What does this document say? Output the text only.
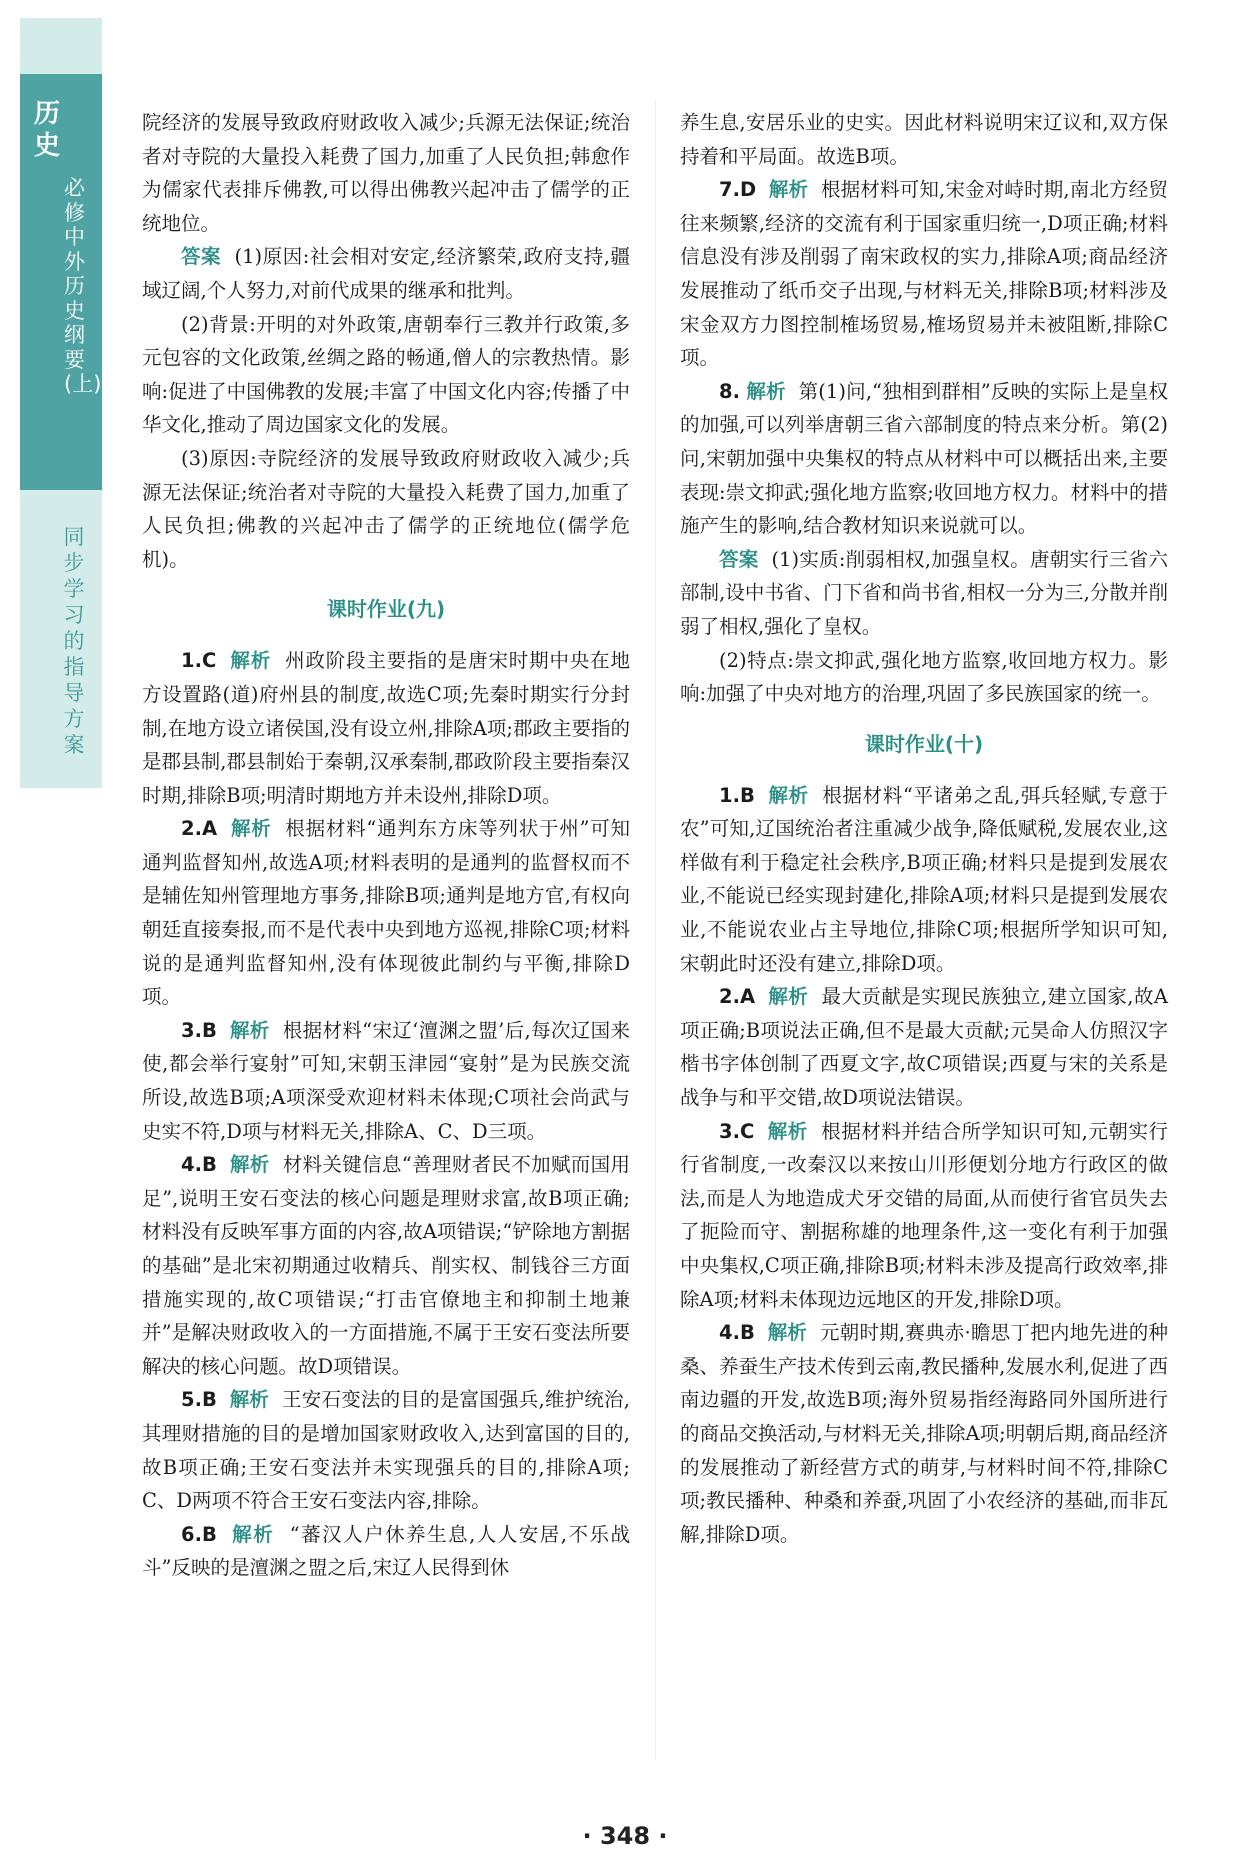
历史
必修 中外历史纲要(上)
同步学习的指导方案

院经济的发展导致政府财政收入减少;兵源无法保证;统治者对寺院的大量投入耗费了国力,加重了人民负担;韩愈作为儒家代表排斥佛教,可以得出佛教兴起冲击了儒学的正统地位。

答案 (1)原因:社会相对安定,经济繁荣,政府支持,疆域辽阔,个人努力,对前代成果的继承和批判。

(2)背景:开明的对外政策,唐朝奉行三教并行政策,多元包容的文化政策,丝绸之路的畅通,僧人的宗教热情。影响:促进了中国佛教的发展;丰富了中国文化内容;传播了中华文化,推动了周边国家文化的发展。

(3)原因:寺院经济的发展导致政府财政收入减少;兵源无法保证;统治者对寺院的大量投入耗费了国力,加重了人民负担;佛教的兴起冲击了儒学的正统地位(儒学危机)。

课时作业(九)

1.C 解析 州政阶段主要指的是唐宋时期中央在地方设置路(道)府州县的制度,故选C项;先秦时期实行分封制,在地方设立诸侯国,没有设立州,排除A项;郡政主要指的是郡县制,郡县制始于秦朝,汉承秦制,郡政阶段主要指秦汉时期,排除B项;明清时期地方并未设州,排除D项。

2.A 解析 根据材料“通判东方床等列状于州”可知通判监督知州,故选A项;材料表明的是通判的监督权而不是辅佐知州管理地方事务,排除B项;通判是地方官,有权向朝廷直接奏报,而不是代表中央到地方巡视,排除C项;材料说的是通判监督知州,没有体现彼此制约与平衡,排除D项。

3.B 解析 根据材料“宋辽‘澶渊之盟’后,每次辽国来使,都会举行宴射”可知,宋朝玉津园“宴射”是为民族交流所设,故选B项;A项深受欢迎材料未体现;C项社会尚武与史实不符,D项与材料无关,排除A、C、D三项。

4.B 解析 材料关键信息“善理财者民不加赋而国用足”,说明王安石变法的核心问题是理财求富,故B项正确;材料没有反映军事方面的内容,故A项错误;“铲除地方割据的基础”是北宋初期通过收精兵、削实权、制钱谷三方面措施实现的,故C项错误;“打击官僚地主和抑制土地兼并”是解决财政收入的一方面措施,不属于王安石变法所要解决的核心问题。故D项错误。

5.B 解析 王安石变法的目的是富国强兵,维护统治,其理财措施的目的是增加国家财政收入,达到富国的目的,故B项正确;王安石变法并未实现强兵的目的,排除A项;C、D两项不符合王安石变法内容,排除。

6.B 解析 “蕃汉人户休养生息,人人安居,不乐战斗”反映的是澶渊之盟之后,宋辽人民得到休

养生息,安居乐业的史实。因此材料说明宋辽议和,双方保持着和平局面。故选B项。

7.D 解析 根据材料可知,宋金对峙时期,南北方经贸往来频繁,经济的交流有利于国家重归统一,D项正确;材料信息没有涉及削弱了南宋政权的实力,排除A项;商品经济发展推动了纸币交子出现,与材料无关,排除B项;材料涉及宋金双方力图控制榷场贸易,榷场贸易并未被阻断,排除C项。

8. 解析 第(1)问,“独相到群相”反映的实际上是皇权的加强,可以列举唐朝三省六部制度的特点来分析。第(2)问,宋朝加强中央集权的特点从材料中可以概括出来,主要表现:崇文抑武;强化地方监察;收回地方权力。材料中的措施产生的影响,结合教材知识来说就可以。

答案 (1)实质:削弱相权,加强皇权。唐朝实行三省六部制,设中书省、门下省和尚书省,相权一分为三,分散并削弱了相权,强化了皇权。

(2)特点:崇文抑武,强化地方监察,收回地方权力。影响:加强了中央对地方的治理,巩固了多民族国家的统一。

课时作业(十)

1.B 解析 根据材料“平诸弟之乱,弭兵轻赋,专意于农”可知,辽国统治者注重减少战争,降低赋税,发展农业,这样做有利于稳定社会秩序,B项正确;材料只是提到发展农业,不能说已经实现封建化,排除A项;材料只是提到发展农业,不能说农业占主导地位,排除C项;根据所学知识可知,宋朝此时还没有建立,排除D项。

2.A 解析 最大贡献是实现民族独立,建立国家,故A项正确;B项说法正确,但不是最大贡献;元昊命人仿照汉字楷书字体创制了西夏文字,故C项错误;西夏与宋的关系是战争与和平交错,故D项说法错误。

3.C 解析 根据材料并结合所学知识可知,元朝实行行省制度,一改秦汉以来按山川形便划分地方行政区的做法,而是人为地造成犬牙交错的局面,从而使行省官员失去了扼险而守、割据称雄的地理条件,这一变化有利于加强中央集权,C项正确,排除B项;材料未涉及提高行政效率,排除A项;材料未体现边远地区的开发,排除D项。

4.B 解析 元朝时期,赛典赤·瞻思丁把内地先进的种桑、养蚕生产技术传到云南,教民播种,发展水利,促进了西南边疆的开发,故选B项;海外贸易指经海路同外国所进行的商品交换活动,与材料无关,排除A项;明朝后期,商品经济的发展推动了新经营方式的萌芽,与材料时间不符,排除C项;教民播种、种桑和养蚕,巩固了小农经济的基础,而非瓦解,排除D项。

· 348 ·
